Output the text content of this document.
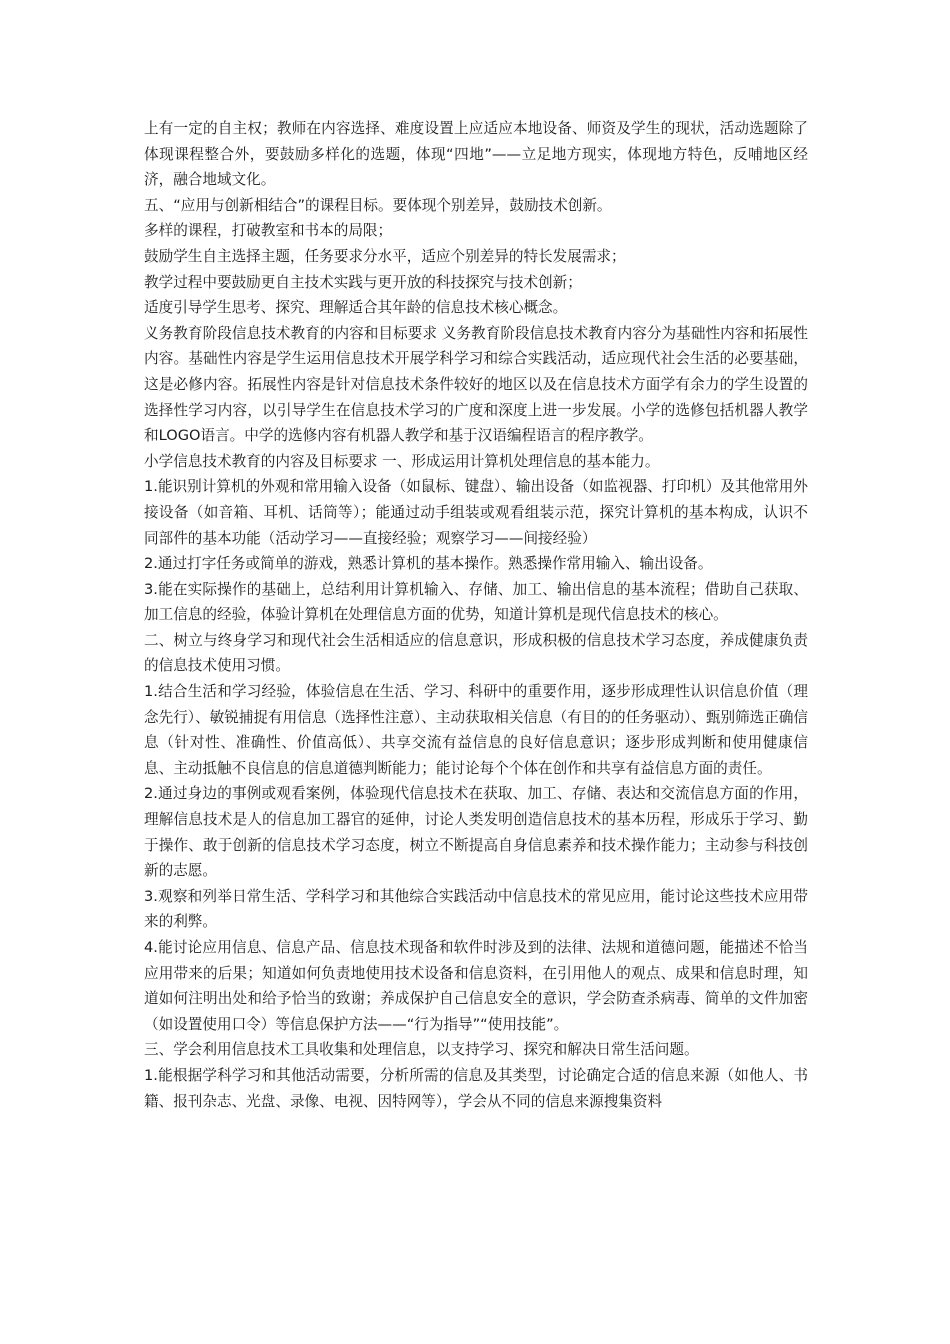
上有一定的自主权；教师在内容选择、难度设置上应适应本地设备、师资及学生的现状，活动选题除了体现课程整合外，要鼓励多样化的选题，体现“四地”——立足地方现实，体现地方特色，反哺地区经济，融合地域文化。

五、“应用与创新相结合”的课程目标。要体现个别差异，鼓励技术创新。

多样的课程，打破教室和书本的局限；

鼓励学生自主选择主题，任务要求分水平，适应个别差异的特长发展需求；

教学过程中要鼓励更自主技术实践与更开放的科技探究与技术创新；

适度引导学生思考、探究、理解适合其年龄的信息技术核心概念。

义务教育阶段信息技术教育的内容和目标要求 义务教育阶段信息技术教育内容分为基础性内容和拓展性内容。基础性内容是学生运用信息技术开展学科学习和综合实践活动，适应现代社会生活的必要基础，这是必修内容。拓展性内容是针对信息技术条件较好的地区以及在信息技术方面学有余力的学生设置的选择性学习内容，以引导学生在信息技术学习的广度和深度上进一步发展。小学的选修包括机器人教学和LOGO语言。中学的选修内容有机器人教学和基于汉语编程语言的程序教学。

小学信息技术教育的内容及目标要求 一、形成运用计算机处理信息的基本能力。

1.能识别计算机的外观和常用输入设备（如鼠标、键盘）、输出设备（如监视器、打印机）及其他常用外接设备（如音箱、耳机、话筒等）；能通过动手组装或观看组装示范，探究计算机的基本构成，认识不同部件的基本功能（活动学习——直接经验；观察学习——间接经验）

2.通过打字任务或简单的游戏，熟悉计算机的基本操作。熟悉操作常用输入、输出设备。

3.能在实际操作的基础上，总结利用计算机输入、存储、加工、输出信息的基本流程；借助自己获取、加工信息的经验，体验计算机在处理信息方面的优势，知道计算机是现代信息技术的核心。

二、树立与终身学习和现代社会生活相适应的信息意识，形成积极的信息技术学习态度，养成健康负责的信息技术使用习惯。

1.结合生活和学习经验，体验信息在生活、学习、科研中的重要作用，逐步形成理性认识信息价值（理念先行）、敏锐捕捉有用信息（选择性注意）、主动获取相关信息（有目的的任务驱动）、甄别筛选正确信息（针对性、准确性、价值高低）、共享交流有益信息的良好信息意识；逐步形成判断和使用健康信息、主动抵触不良信息的信息道德判断能力；能讨论每个个体在创作和共享有益信息方面的责任。

2.通过身边的事例或观看案例，体验现代信息技术在获取、加工、存储、表达和交流信息方面的作用，理解信息技术是人的信息加工器官的延伸，讨论人类发明创造信息技术的基本历程，形成乐于学习、勤于操作、敢于创新的信息技术学习态度，树立不断提高自身信息素养和技术操作能力；主动参与科技创新的志愿。

3.观察和列举日常生活、学科学习和其他综合实践活动中信息技术的常见应用，能讨论这些技术应用带来的利弊。

4.能讨论应用信息、信息产品、信息技术现备和软件时涉及到的法律、法规和道德问题，能描述不恰当应用带来的后果；知道如何负责地使用技术设备和信息资料，在引用他人的观点、成果和信息时理，知道如何注明出处和给予恰当的致谢；养成保护自己信息安全的意识，学会防查杀病毒、简单的文件加密（如设置使用口令）等信息保护方法——“行为指导”“使用技能”。

三、学会利用信息技术工具收集和处理信息，以支持学习、探究和解决日常生活问题。

1.能根据学科学习和其他活动需要，分析所需的信息及其类型，讨论确定合适的信息来源（如他人、书籍、报刊杂志、光盘、录像、电视、因特网等），学会从不同的信息来源搜集资料
